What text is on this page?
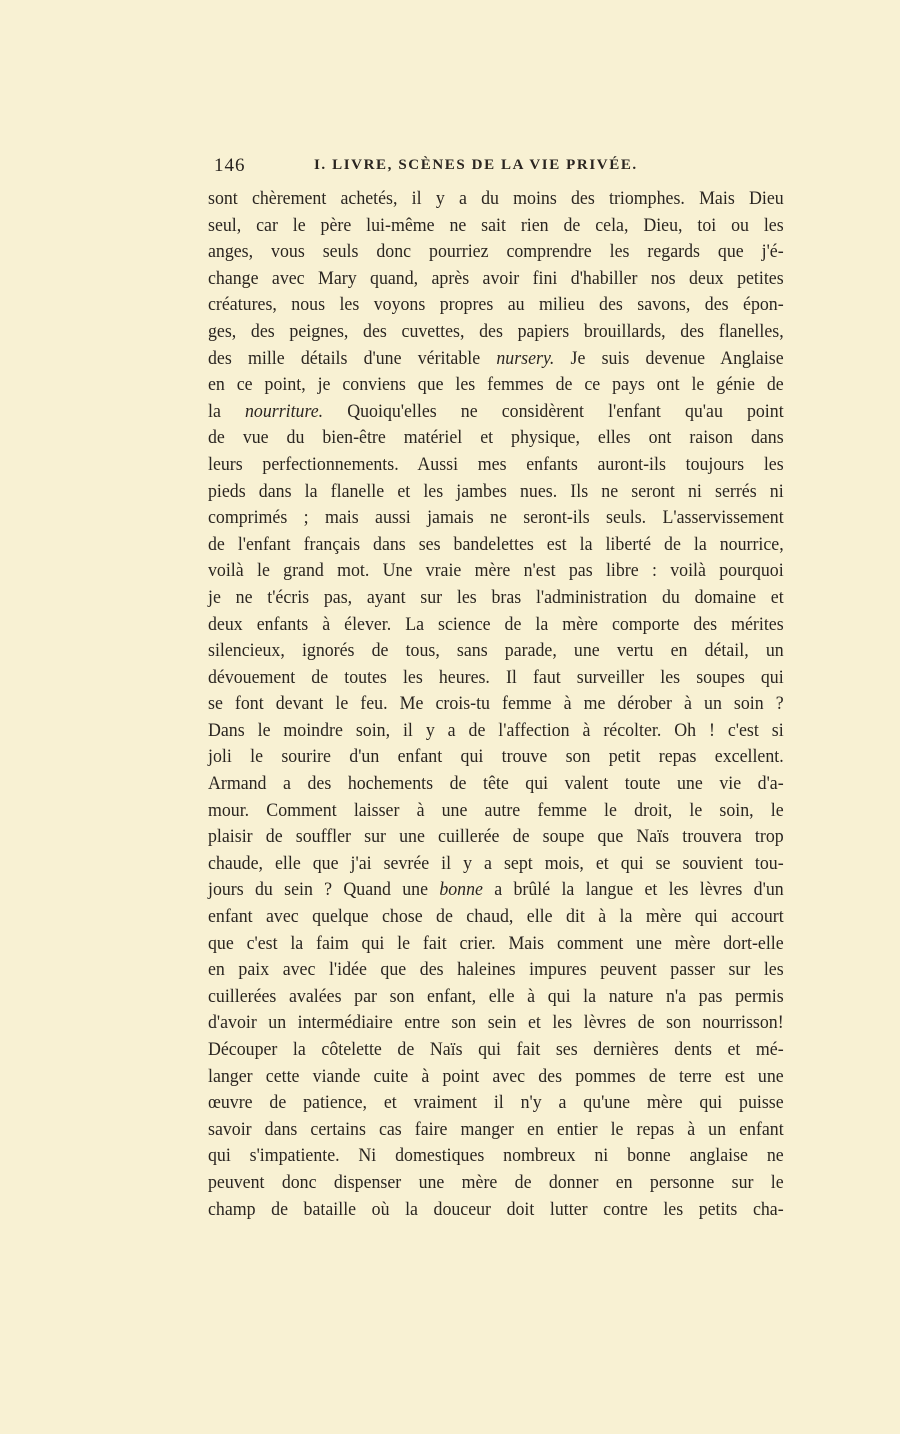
146	I. LIVRE, SCÈNES DE LA VIE PRIVÉE.
sont chèrement achetés, il y a du moins des triomphes. Mais Dieu
seul, car le père lui-même ne sait rien de cela, Dieu, toi ou les
anges, vous seuls donc pourriez comprendre les regards que j'é-
change avec Mary quand, après avoir fini d'habiller nos deux petites
créatures, nous les voyons propres au milieu des savons, des épon-
ges, des peignes, des cuvettes, des papiers brouillards, des flanelles,
des mille détails d'une véritable nursery. Je suis devenue Anglaise
en ce point, je conviens que les femmes de ce pays ont le génie de
la nourriture. Quoiqu'elles ne considèrent l'enfant qu'au point
de vue du bien-être matériel et physique, elles ont raison dans
leurs perfectionnements. Aussi mes enfants auront-ils toujours les
pieds dans la flanelle et les jambes nues. Ils ne seront ni serrés ni
comprimés ; mais aussi jamais ne seront-ils seuls. L'asservissement
de l'enfant français dans ses bandelettes est la liberté de la nourrice,
voilà le grand mot. Une vraie mère n'est pas libre : voilà pourquoi
je ne t'écris pas, ayant sur les bras l'administration du domaine et
deux enfants à élever. La science de la mère comporte des mérites
silencieux, ignorés de tous, sans parade, une vertu en détail, un
dévouement de toutes les heures. Il faut surveiller les soupes qui
se font devant le feu. Me crois-tu femme à me dérober à un soin ?
Dans le moindre soin, il y a de l'affection à récolter. Oh ! c'est si
joli le sourire d'un enfant qui trouve son petit repas excellent.
Armand a des hochements de tête qui valent toute une vie d'a-
mour. Comment laisser à une autre femme le droit, le soin, le
plaisir de souffler sur une cuillerée de soupe que Naïs trouvera trop
chaude, elle que j'ai sevrée il y a sept mois, et qui se souvient tou-
jours du sein ? Quand une bonne a brûlé la langue et les lèvres d'un
enfant avec quelque chose de chaud, elle dit à la mère qui accourt
que c'est la faim qui le fait crier. Mais comment une mère dort-elle
en paix avec l'idée que des haleines impures peuvent passer sur les
cuillerées avalées par son enfant, elle à qui la nature n'a pas permis
d'avoir un intermédiaire entre son sein et les lèvres de son nourrisson!
Découper la côtelette de Naïs qui fait ses dernières dents et mé-
langer cette viande cuite à point avec des pommes de terre est une
œuvre de patience, et vraiment il n'y a qu'une mère qui puisse
savoir dans certains cas faire manger en entier le repas à un enfant
qui s'impatiente. Ni domestiques nombreux ni bonne anglaise ne
peuvent donc dispenser une mère de donner en personne sur le
champ de bataille où la douceur doit lutter contre les petits cha-
